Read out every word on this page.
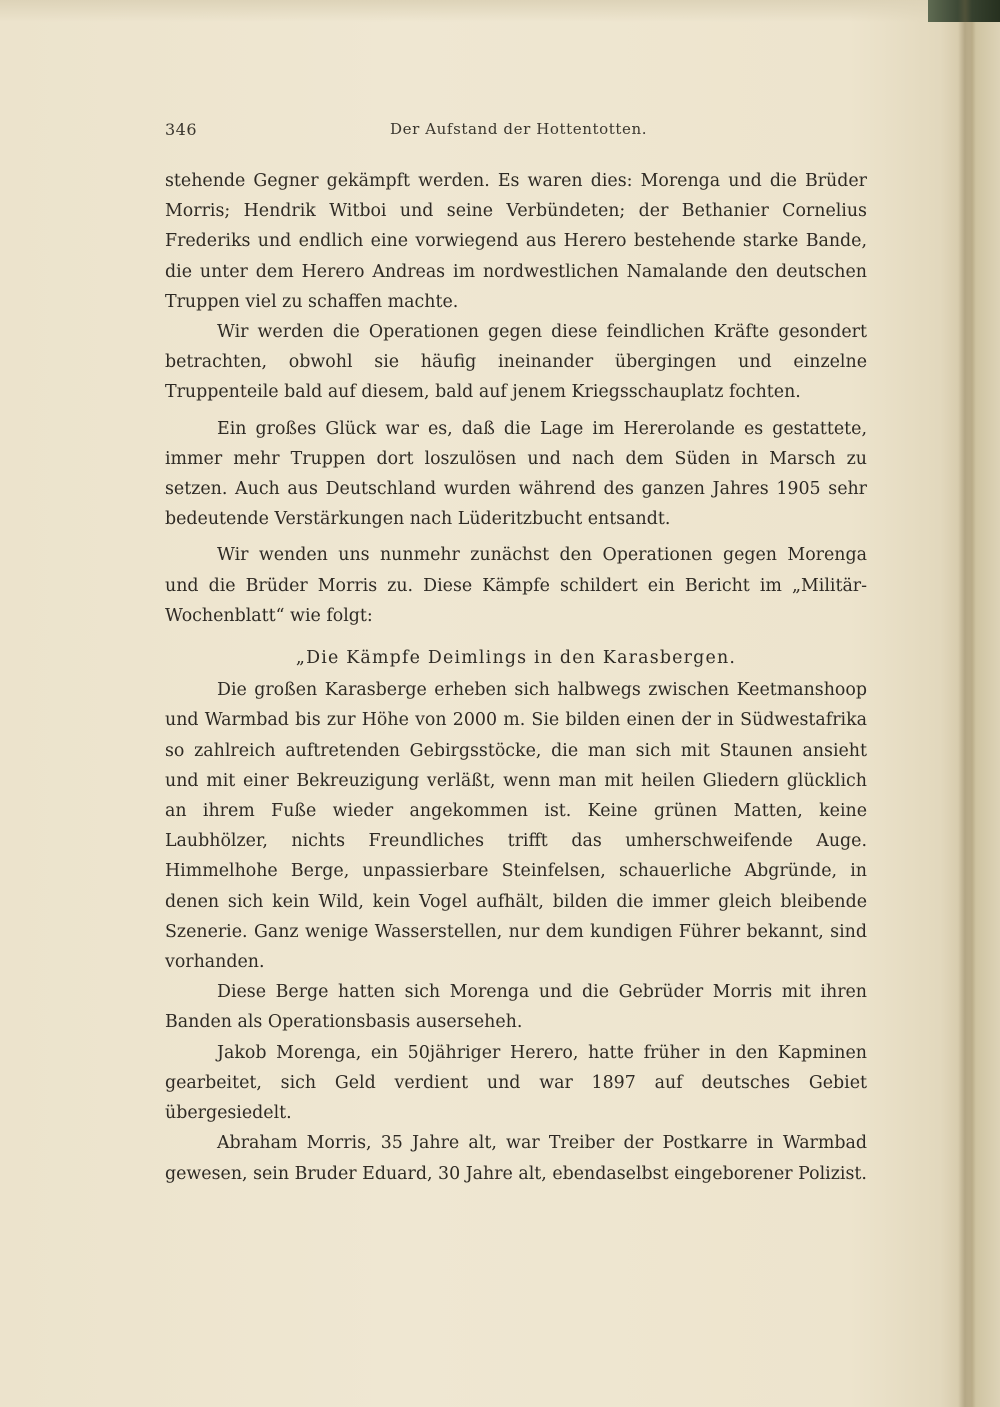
346	Der Aufstand der Hottentotten.

stehende Gegner gekämpft werden. Es waren dies: Morenga und die Brüder Morris; Hendrik Witboi und seine Verbündeten; der Bethanier Cornelius Frederiks und endlich eine vorwiegend aus Herero bestehende starke Bande, die unter dem Herero Andreas im nordwestlichen Namalande den deutschen Truppen viel zu schaffen machte.

Wir werden die Operationen gegen diese feindlichen Kräfte gesondert betrachten, obwohl sie häufig ineinander übergingen und einzelne Truppenteile bald auf diesem, bald auf jenem Kriegsschauplatz fochten.

Ein großes Glück war es, daß die Lage im Hererolande es gestattete, immer mehr Truppen dort loszulösen und nach dem Süden in Marsch zu setzen. Auch aus Deutschland wurden während des ganzen Jahres 1905 sehr bedeutende Verstärkungen nach Lüderitzbucht entsandt.

Wir wenden uns nunmehr zunächst den Operationen gegen Morenga und die Brüder Morris zu. Diese Kämpfe schildert ein Bericht im „Militär-Wochenblatt“ wie folgt:

„Die Kämpfe Deimlings in den Karasbergen.

Die großen Karasberge erheben sich halbwegs zwischen Keetmanshoop und Warmbad bis zur Höhe von 2000 m. Sie bilden einen der in Südwestafrika so zahlreich auftretenden Gebirgsstöcke, die man sich mit Staunen ansieht und mit einer Bekreuzigung verläßt, wenn man mit heilen Gliedern glücklich an ihrem Fuße wieder angekommen ist. Keine grünen Matten, keine Laubhölzer, nichts Freundliches trifft das umherschweifende Auge. Himmelhohe Berge, unpassierbare Steinfelsen, schauerliche Abgründe, in denen sich kein Wild, kein Vogel aufhält, bilden die immer gleich bleibende Szenerie. Ganz wenige Wasserstellen, nur dem kundigen Führer bekannt, sind vorhanden.

Diese Berge hatten sich Morenga und die Gebrüder Morris mit ihren Banden als Operationsbasis auserseheh.

Jakob Morenga, ein 50jähriger Herero, hatte früher in den Kapminen gearbeitet, sich Geld verdient und war 1897 auf deutsches Gebiet übergesiedelt.

Abraham Morris, 35 Jahre alt, war Treiber der Postkarre in Warmbad gewesen, sein Bruder Eduard, 30 Jahre alt, ebendaselbst eingeborener Polizist.
